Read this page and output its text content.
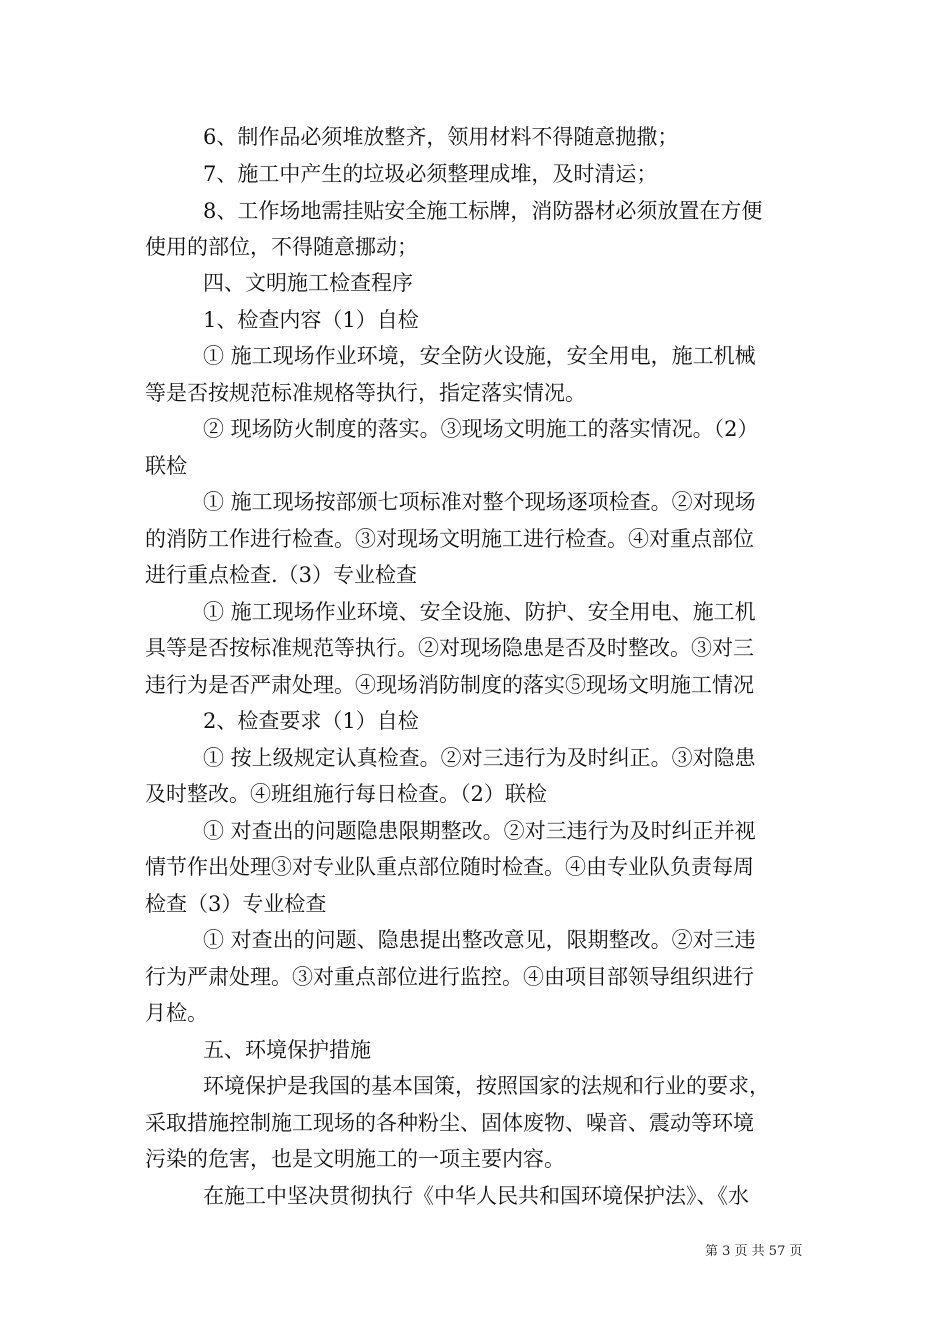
6、制作品必须堆放整齐，领用材料不得随意抛撒；
7、施工中产生的垃圾必须整理成堆，及时清运；
8、工作场地需挂贴安全施工标牌，消防器材必须放置在方便
使用的部位，不得随意挪动；
四、文明施工检查程序
1、检查内容（1）自检
① 施工现场作业环境，安全防火设施，安全用电，施工机械
等是否按规范标准规格等执行，指定落实情况。
② 现场防火制度的落实。③现场文明施工的落实情况。（2）
联检
① 施工现场按部颁七项标准对整个现场逐项检查。②对现场
的消防工作进行检查。③对现场文明施工进行检查。④对重点部位
进行重点检查.（3）专业检查
① 施工现场作业环境、安全设施、防护、安全用电、施工机
具等是否按标准规范等执行。②对现场隐患是否及时整改。③对三
违行为是否严肃处理。④现场消防制度的落实⑤现场文明施工情况
2、检查要求（1）自检
① 按上级规定认真检查。②对三违行为及时纠正。③对隐患
及时整改。④班组施行每日检查。（2）联检
① 对查出的问题隐患限期整改。②对三违行为及时纠正并视
情节作出处理③对专业队重点部位随时检查。④由专业队负责每周
检查（3）专业检查
① 对查出的问题、隐患提出整改意见，限期整改。②对三违
行为严肃处理。③对重点部位进行监控。④由项目部领导组织进行
月检。
五、环境保护措施
环境保护是我国的基本国策，按照国家的法规和行业的要求，
采取措施控制施工现场的各种粉尘、固体废物、噪音、震动等环境
污染的危害，也是文明施工的一项主要内容。
在施工中坚决贯彻执行《中华人民共和国环境保护法》、《水
第 3 页 共 57 页
